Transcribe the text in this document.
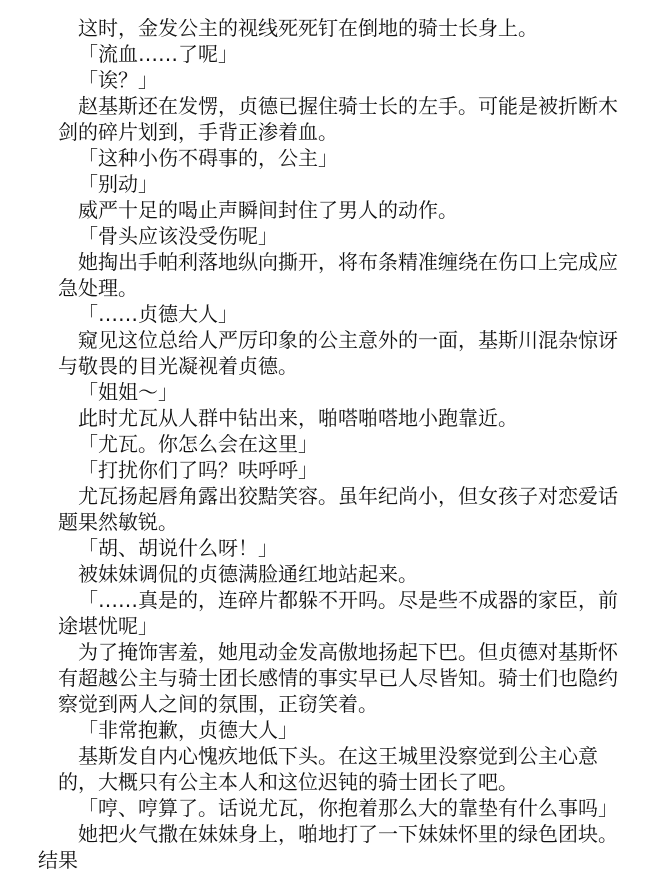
这时，金发公主的视线死死钉在倒地的骑士长身上。

「流血……了呢」

「诶？」

赵基斯还在发愣，贞德已握住骑士长的左手。可能是被折断木剑的碎片划到，手背正渗着血。

「这种小伤不碍事的，公主」

「别动」

威严十足的喝止声瞬间封住了男人的动作。

「骨头应该没受伤呢」

她掏出手帕利落地纵向撕开，将布条精准缠绕在伤口上完成应急处理。

「……贞德大人」

窥见这位总给人严厉印象的公主意外的一面，基斯川混杂惊讶与敬畏的目光凝视着贞德。

「姐姐～」

此时尤瓦从人群中钻出来，啪嗒啪嗒地小跑靠近。

「尤瓦。你怎么会在这里」

「打扰你们了吗？呋呼呼」

尤瓦扬起唇角露出狡黠笑容。虽年纪尚小，但女孩子对恋爱话题果然敏锐。

「胡、胡说什么呀！」

被妹妹调侃的贞德满脸通红地站起来。

「……真是的，连碎片都躲不开吗。尽是些不成器的家臣，前途堪忧呢」

为了掩饰害羞，她甩动金发高傲地扬起下巴。但贞德对基斯怀有超越公主与骑士团长感情的事实早已人尽皆知。骑士们也隐约察觉到两人之间的氛围，正窃笑着。

「非常抱歉，贞德大人」

基斯发自内心愧疚地低下头。在这王城里没察觉到公主心意的，大概只有公主本人和这位迟钝的骑士团长了吧。

「哼、哼算了。话说尤瓦，你抱着那么大的靠垫有什么事吗」

她把火气撒在妹妹身上，啪地打了一下妹妹怀里的绿色团块。

结果
